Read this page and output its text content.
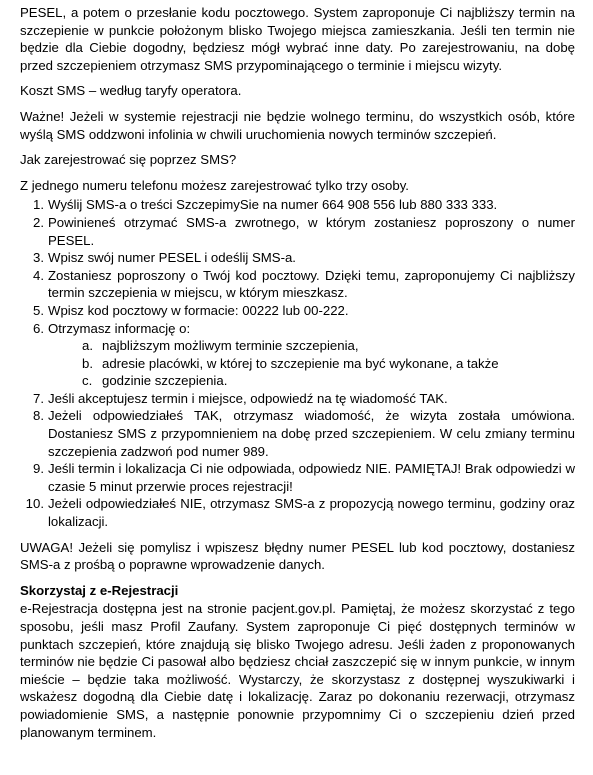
PESEL, a potem o przesłanie kodu pocztowego. System zaproponuje Ci najbliższy termin na szczepienie w punkcie położonym blisko Twojego miejsca zamieszkania. Jeśli ten termin nie będzie dla Ciebie dogodny, będziesz mógł wybrać inne daty. Po zarejestrowaniu, na dobę przed szczepieniem otrzymasz SMS przypominającego o terminie i miejscu wizyty.

Koszt SMS – według taryfy operatora.

Ważne! Jeżeli w systemie rejestracji nie będzie wolnego terminu, do wszystkich osób, które wyślą SMS oddzwoni infolinia w chwili uruchomienia nowych terminów szczepień.

Jak zarejestrować się poprzez SMS?

Z jednego numeru telefonu możesz zarejestrować tylko trzy osoby.

1. Wyślij SMS-a o treści SzczepimySie na numer 664 908 556 lub 880 333 333.
2. Powinieneś otrzymać SMS-a zwrotnego, w którym zostaniesz poproszony o numer PESEL.
3. Wpisz swój numer PESEL i odeślij SMS-a.
4. Zostaniesz poproszony o Twój kod pocztowy. Dzięki temu, zaproponujemy Ci najbliższy termin szczepienia w miejscu, w którym mieszkasz.
5. Wpisz kod pocztowy w formacie: 00222 lub 00-222.
6. Otrzymasz informację o:
a. najbliższym możliwym terminie szczepienia,
b. adresie placówki, w której to szczepienie ma być wykonane, a także
c. godzinie szczepienia.
7. Jeśli akceptujesz termin i miejsce, odpowiedź na tę wiadomość TAK.
8. Jeżeli odpowiedziałeś TAK, otrzymasz wiadomość, że wizyta została umówiona. Dostaniesz SMS z przypomnieniem na dobę przed szczepieniem. W celu zmiany terminu szczepienia zadzwoń pod numer 989.
9. Jeśli termin i lokalizacja Ci nie odpowiada, odpowiedz NIE. PAMIĘTAJ! Brak odpowiedzi w czasie 5 minut przerwie proces rejestracji!
10. Jeżeli odpowiedziałeś NIE, otrzymasz SMS-a z propozycją nowego terminu, godziny oraz lokalizacji.

UWAGA! Jeżeli się pomylisz i wpiszesz błędny numer PESEL lub kod pocztowy, dostaniesz SMS-a z prośbą o poprawne wprowadzenie danych.

Skorzystaj z e-Rejestracji

e-Rejestracja dostępna jest na stronie pacjent.gov.pl. Pamiętaj, że możesz skorzystać z tego sposobu, jeśli masz Profil Zaufany. System zaproponuje Ci pięć dostępnych terminów w punktach szczepień, które znajdują się blisko Twojego adresu. Jeśli żaden z proponowanych terminów nie będzie Ci pasował albo będziesz chciał zaszczepić się w innym punkcie, w innym mieście – będzie taka możliwość. Wystarczy, że skorzystasz z dostępnej wyszukiwarki i wskażesz dogodną dla Ciebie datę i lokalizację. Zaraz po dokonaniu rezerwacji, otrzymasz powiadomienie SMS, a następnie ponownie przypomnimy Ci o szczepieniu dzień przed planowanym terminem.
